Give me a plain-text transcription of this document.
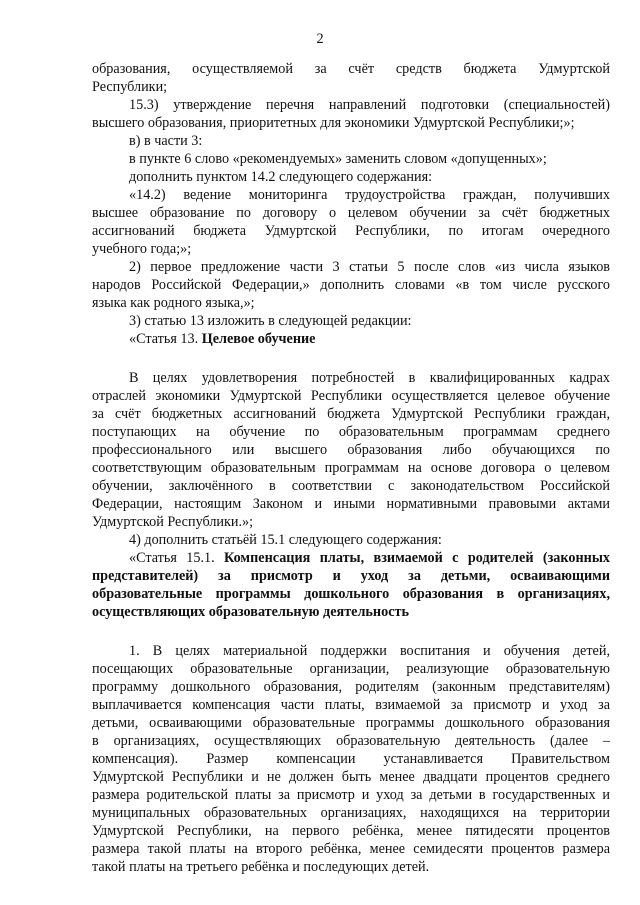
2

образования, осуществляемой за счёт средств бюджета Удмуртской

Республики;

15.3) утверждение перечня направлений подготовки (специальностей)

высшего образования, приоритетных для экономики Удмуртской Республики;»;

в) в части 3:

в пункте 6 слово «рекомендуемых» заменить словом «допущенных»;

дополнить пунктом 14.2 следующего содержания:

«14.2) ведение мониторинга трудоустройства граждан, получивших

высшее образование по договору о целевом обучении за счёт бюджетных

ассигнований бюджета Удмуртской Республики, по итогам очередного

учебного года;»;

2) первое предложение части 3 статьи 5 после слов «из числа языков

народов Российской Федерации,» дополнить словами «в том числе русского

языка как родного языка,»;

3) статью 13 изложить в следующей редакции:

«Статья 13. Целевое обучение

В целях удовлетворения потребностей в квалифицированных кадрах

отраслей экономики Удмуртской Республики осуществляется целевое обучение

за счёт бюджетных ассигнований бюджета Удмуртской Республики граждан,

поступающих на обучение по образовательным программам среднего

профессионального или высшего образования либо обучающихся по

соответствующим образовательным программам на основе договора о целевом

обучении, заключённого в соответствии с законодательством Российской

Федерации, настоящим Законом и иными нормативными правовыми актами

Удмуртской Республики.»;

4) дополнить статьёй 15.1 следующего содержания:

«Статья 15.1. Компенсация платы, взимаемой с родителей (законных

представителей) за присмотр и уход за детьми, осваивающими

образовательные программы дошкольного образования в организациях,

осуществляющих образовательную деятельность

1. В целях материальной поддержки воспитания и обучения детей,

посещающих образовательные организации, реализующие образовательную

программу дошкольного образования, родителям (законным представителям)

выплачивается компенсация части платы, взимаемой за присмотр и уход за

детьми, осваивающими образовательные программы дошкольного образования

в организациях, осуществляющих образовательную деятельность (далее –

компенсация). Размер компенсации устанавливается Правительством

Удмуртской Республики и не должен быть менее двадцати процентов среднего

размера родительской платы за присмотр и уход за детьми в государственных и

муниципальных образовательных организациях, находящихся на территории

Удмуртской Республики, на первого ребёнка, менее пятидесяти процентов

размера такой платы на второго ребёнка, менее семидесяти процентов размера

такой платы на третьего ребёнка и последующих детей.
